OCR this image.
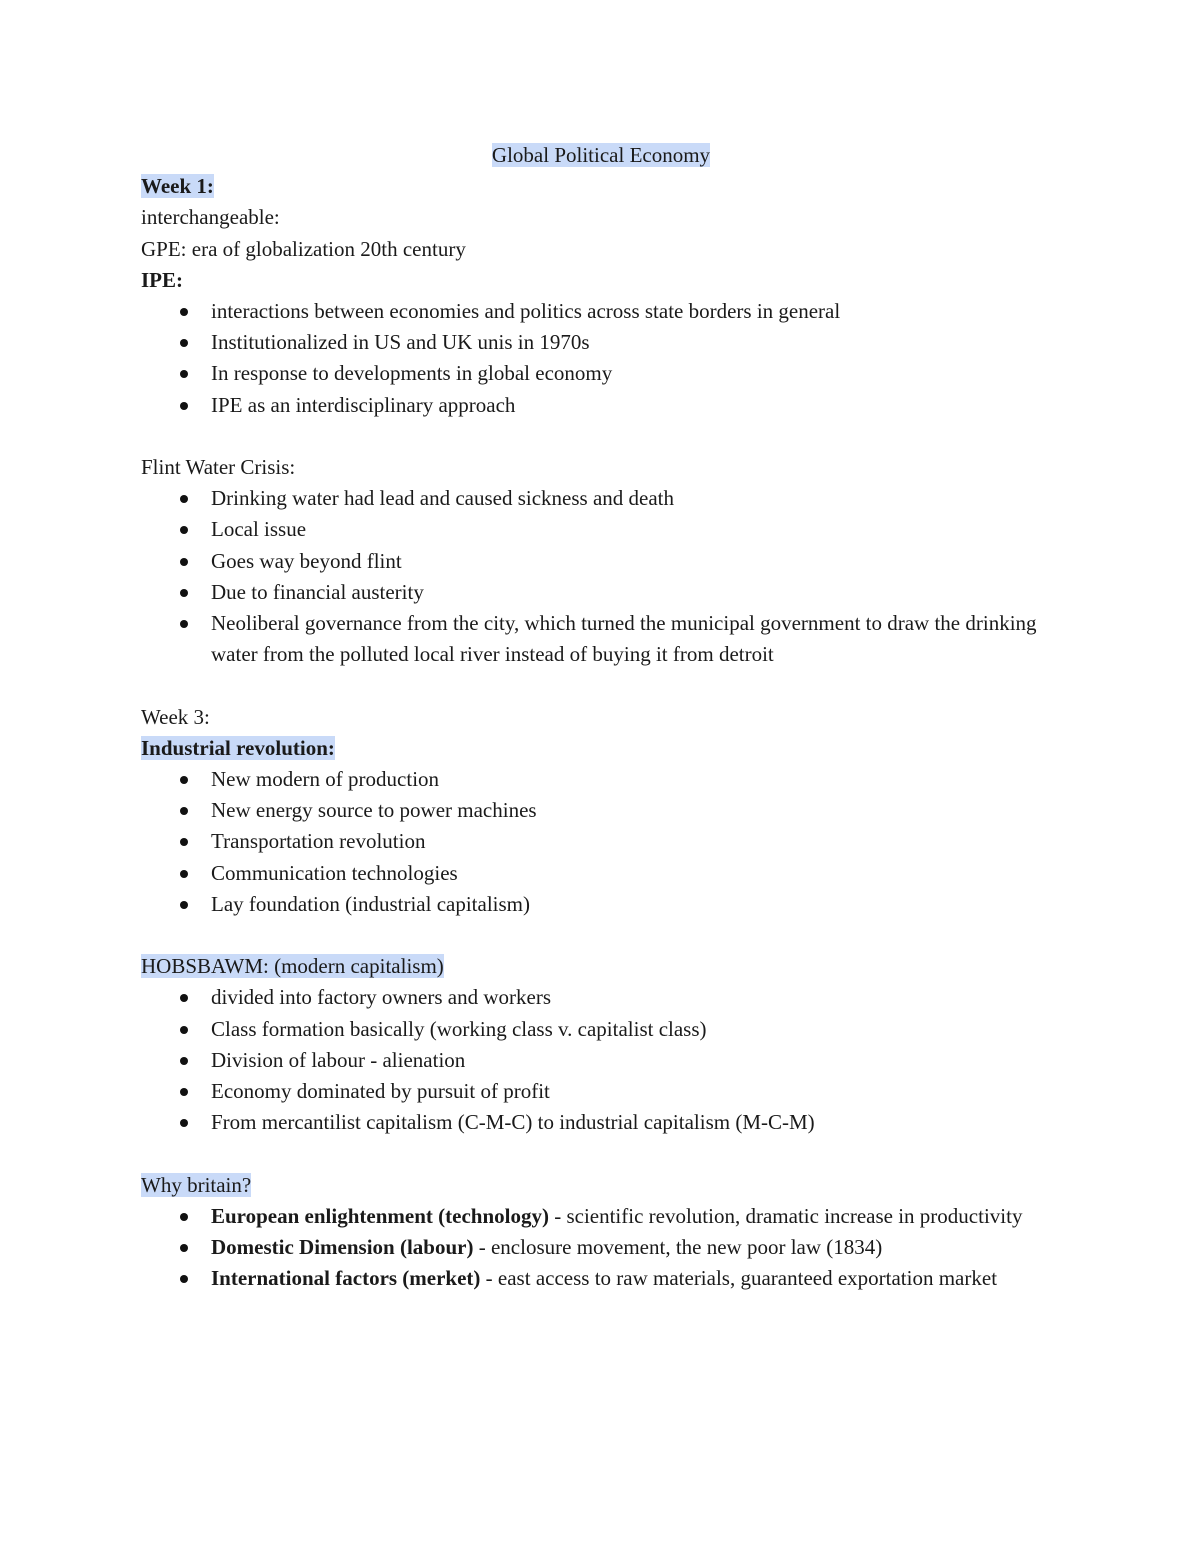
Global Political Economy
Week 1:
interchangeable:
GPE: era of globalization 20th century
IPE:
interactions between economies and politics across state borders in general
Institutionalized in US and UK unis in 1970s
In response to developments in global economy
IPE as an interdisciplinary approach
Flint Water Crisis:
Drinking water had lead and caused sickness and death
Local issue
Goes way beyond flint
Due to financial austerity
Neoliberal governance from the city, which turned the municipal government to draw the drinking water from the polluted local river instead of buying it from detroit
Week 3:
Industrial revolution:
New modern of production
New energy source to power machines
Transportation revolution
Communication technologies
Lay foundation (industrial capitalism)
HOBSBAWM: (modern capitalism)
divided into factory owners and workers
Class formation basically (working class v. capitalist class)
Division of labour - alienation
Economy dominated by pursuit of profit
From mercantilist capitalism (C-M-C) to industrial capitalism (M-C-M)
Why britain?
European enlightenment (technology) - scientific revolution, dramatic increase in productivity
Domestic Dimension (labour) - enclosure movement, the new poor law (1834)
International factors (merket) - east access to raw materials, guaranteed exportation market
